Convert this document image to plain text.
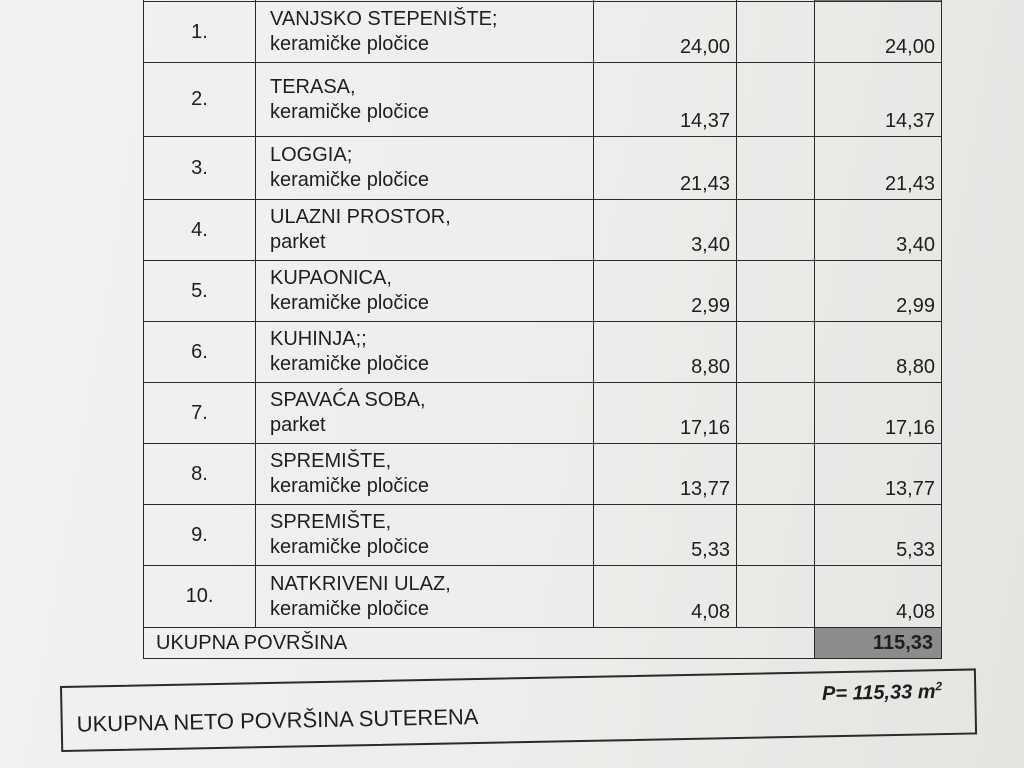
1.	VANJSKO STEPENIŠTE;
keramičke pločice	24,00		24,00
2.	TERASA,
keramičke pločice	14,37		14,37
3.	LOGGIA;
keramičke pločice	21,43		21,43
4.	ULAZNI PROSTOR,
parket	3,40		3,40
5.	KUPAONICA,
keramičke pločice	2,99		2,99
6.	KUHINJA;;
keramičke pločice	8,80		8,80
7.	SPAVAĆA SOBA,
parket	17,16		17,16
8.	SPREMIŠTE,
keramičke pločice	13,77		13,77
9.	SPREMIŠTE,
keramičke pločice	5,33		5,33
10.	NATKRIVENI ULAZ,
keramičke pločice	4,08		4,08
UKUPNA POVRŠINA				115,33
UKUPNA NETO POVRŠINA SUTERENA
P= 115,33 $m^2$
